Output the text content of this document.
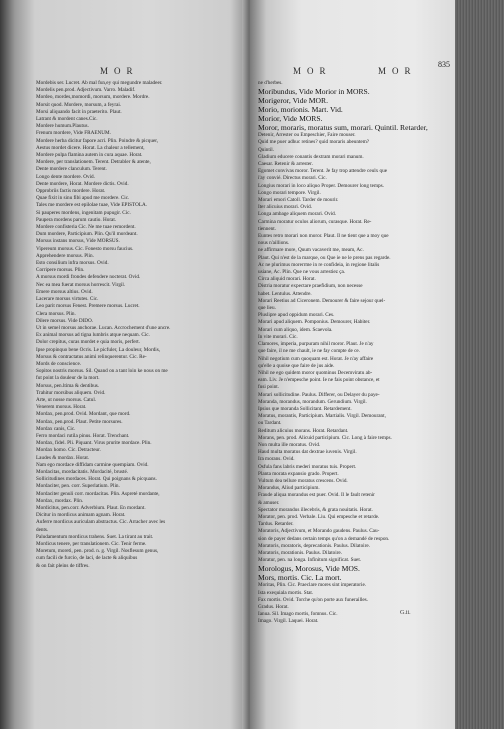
MOR
Mordebis ser. Lucret. Ab mal fun,ey qui megundre maladeer.
Mordelis pen.prod. Adjectivum. Varro. Maladif.
Mordeo, mordes,momordi, morsum, mordere. Mordre.
Morsit quod. Mordere, morsum, a feyrai.
Morsi aliquando facit in praeterito. Plaut.
Latrant & mordent canes.Cic.
Mordere humum.Plautus.
Frenum mordere, Vide FRAENUM.
Mordere herba dicitur fapore acri. Plin. Poindre & picquer,
Aestus mordet dicere. Horat. La chaleur a tellement,
Mordere pulpa flamina autem in cura aquae. Horat.
Mordere, per translationem. Terent. Detrabler & atente,
Dente mordere clanculum. Terent.
Longo dente mordere. Ovid.
Dente mordere, Horat. Mordere dictis. Ovid.
Opprobriis factis mordere. Horat.
Quae fixit in sinu fibi apud me mordere. Cic.
Tales me mordere est epilolae tuae, Vide EPISTOLA.
Si pauperes mordens, ingenitam pupugir. Cic.
Paupera mordens parum cautio. Horat.
Mordere confisteria Cic. Ne me tuae remordent.
Dum mordere, Participium. Plin. Qu'il mordeant.
Morsus instans morsus, Vide MORSUS.
Vipereum morsus. Cic. Fonesto morsu faucius.
Apprehendere morsus. Plin.
Esto consilium infra morsus. Ovid.
Corripere morsus. Plin.
A morsus mordi frondes defendere nocterat. Ovid.
Nec ea mea fuerat morsus horrescit. Virgil.
Emere morsus altius. Ovid.
Lacerare morsus virtutes. Cic.
Leo parit morsus Fenest. Premere morsus. Lucret.
Clera morsus. Plin.
Dilere morsus. Vide DIDO.
Ut in semel morsus anchorae. Lucan. Accrochement d'une ancre.
Ex animal morsus ad tigna lumbris atque nequam. Cic.
Dolor crepitus, curas mordet e quia moris, perfert.
Ipse propinquo bene Ocris. Le picfuler, La douleur, Mordis,
Morsus & contractatus animi relinquerentur. Cic. Re-
Mords de conscience.
Sopitos nostris morsus. Sil. Quand on a tant loin ke nous on me
fut point la douleur de la mort.
Morsus, pen.ltima & dentibus.
Trahitur morsibus aliquem. Ovid.
Arte, ut nosse morsus. Catul.
Venerem morsus. Horat.
Mordax, pen.prod. Ovid. Mordant, que mord.
Mordax, pen.prod. Plaut. Petite morsures.
Mordax canis, Cic.
Ferro mordaci rutila pinus. Horat. Trenchant.
Mordax, fidel. Pli. Piquant. Virus prurite mordace. Plin.
Mordax homo. Cic. Detracteur.
Laudes & mordax. Horat.
Nam ego mordace diffidam carmine quempiam. Ovid.
Mordacitas, mordacitatis. Mordacité, brusté.
Sollicitudines mordaces. Horat. Qui poignans & picquans.
Mordaciter, pen. corr. Superlatium. Plin.
Mordaciter genuli corr. mordacitas. Plin. Aspreté mordante,
Mordax, mordax. Plin.
Mordicitus, pen.corr. Adverbium. Plaut. En mordant.
Dicitur in mordicus animam agnam. Horat.
Auferre mordicus auriculam abstractus. Cic. Arracher avec les
dents.
Paludamentum mordicus trahens. Suet. La tirant au trait.
Mordicus tenere, per translationem. Cic. Tenir ferme.
Moretum, moreti, pen. prod. n. g. Virgil. Nosflesum genus,
cum facili de furcio, de laci, de lacte & aliquibus
& on fait pleins de tiffres.
MOR	MOR
ne d'herbes.
Moribundus, Vide Morior in MORS.
Morigeror, Vide MOR.
Morio, morionis. Mart. Vid.
Morior, Vide MORS.
Moror, moraris, moratus sum, morari. Quintil. Retarder,
Detenir, Arrester ou Empeschier, Faire mouser.
Quid me puer adhuc retines? quid moraris abeuntem?
Quintil.
Gladium educere conantis dextram morari manum.
Caesar. Retenir & arrester.
Egomet convivas moror. Terent. Je fay trop attendre ceulx que
i'ay convié. Directus morari. Cic.
Longius morari in loco aliquo Proper. Demourer long temps.
Longo morari tempore. Virgil.
Morari emori Catoll. Tarder de mourir.
Iter alicuius morari. Ovid.
Longa ambage aliquem morari. Ovid.
Carmina moratur oculos aliorum, curasque. Horat. Re-
tiennent.
Euntes retro morari non moror. Plaut. Il ne tient que a moy que
nous n'aillions.
ne affirmare more, Quum vacaverit me, meam, Ac.
Plaut. Qui n'est de la marque, ou Que ie ne le prens pas regarde.
Ac ne plurimus morerrme in re confideia, in regione litalis
usiane, Ac. Plin. Que ne vous arrestiez ça.
Circa aliquid morari. Horat.
Distria moratur expectare praefidium, non necesse
habet. Lentulus. Attendre.
Morari Reetius ad Ciceronem. Demourer & faire sejour quel-
que lieu.
Pluslipre apud oppidum morari. Ces.
Morari apud aliquem. Pomponius. Demourer, Habiter.
Morari cum aliquo, idem. Scaevola.
In vite morari. Cic.
Clamores, imperia, purpuram nihil moror. Plaut. Je n'ay
que faire, il ne me chault, ie ne fay compte de ce.
Nihil negotium cum quoquam est. Horat. Je n'ay affaire
qu'elle a quoise que faire de jus aide.
Nihil ne ego quidem moror quominus Decemviratu ab-
eam. Liv. Je n'empesche point. Ie ne fais point obstance, et
fusi point.
Morari sollicitudine. Paulus. Differer, ou Delayer du paye-
Moranda, morandus, morandum. Gerundium. Virgil.
Ipsius que moranda Sollicitant. Retardement.
Moratus, morantis, Participium. Martialis. Virgil. Demourant,
ou Tardant.
Reditum alicuius morans. Horat. Retardant.
Morans, pen. prod. Alicuid participium. Cic. Long à faire temps.
Non multa ille moratus. Ovid.
Haud multa moratus dat dextrae iuvenis. Virgil.
Ira morans. Ovid.
Osfula fans labris mederi moratus tuis. Propert.
Planta morata expansio grado. Propert.
Vultum dea tellure moratus crescens. Ovid.
Morandus, Aliud participium.
Fraude aliqua morandus est puer. Ovid. Il le fault retenir
& amuser.
Spectator morandus illecebris, & grata nouitatis. Horat.
Morator, pen. prod. Verbale. Liu. Qui empesche et retarde.
Tardus. Retarder.
Moratoris, Adjectivum, et Morando gaudens. Paulus. Cau-
sion de payer dedans certain temps qu'on a demandé de respon.
Moratoris, moratoris, deprecationis. Paulus. Dilatoire.
Moratoris, morationis. Paulus. Dilatoire.
Moratur, pen. na longa. Infinitum significat. Suet.
Morologus, Morosus, Vide MOS.
Mors, mortis. Cic. La mort.
Moritas, Plin. Cic. Praeclare mores sint imperatorie.
Ista exequiala mortis. Stat.
Fax mortis. Ovid. Torche qu'on porte aux funerailles.
Gradus. Horat.
Ianua. Sil. Imago mortis, fomnus. Cic.
Imago. Virgil. Laquei. Horat.
835
G.ii.
